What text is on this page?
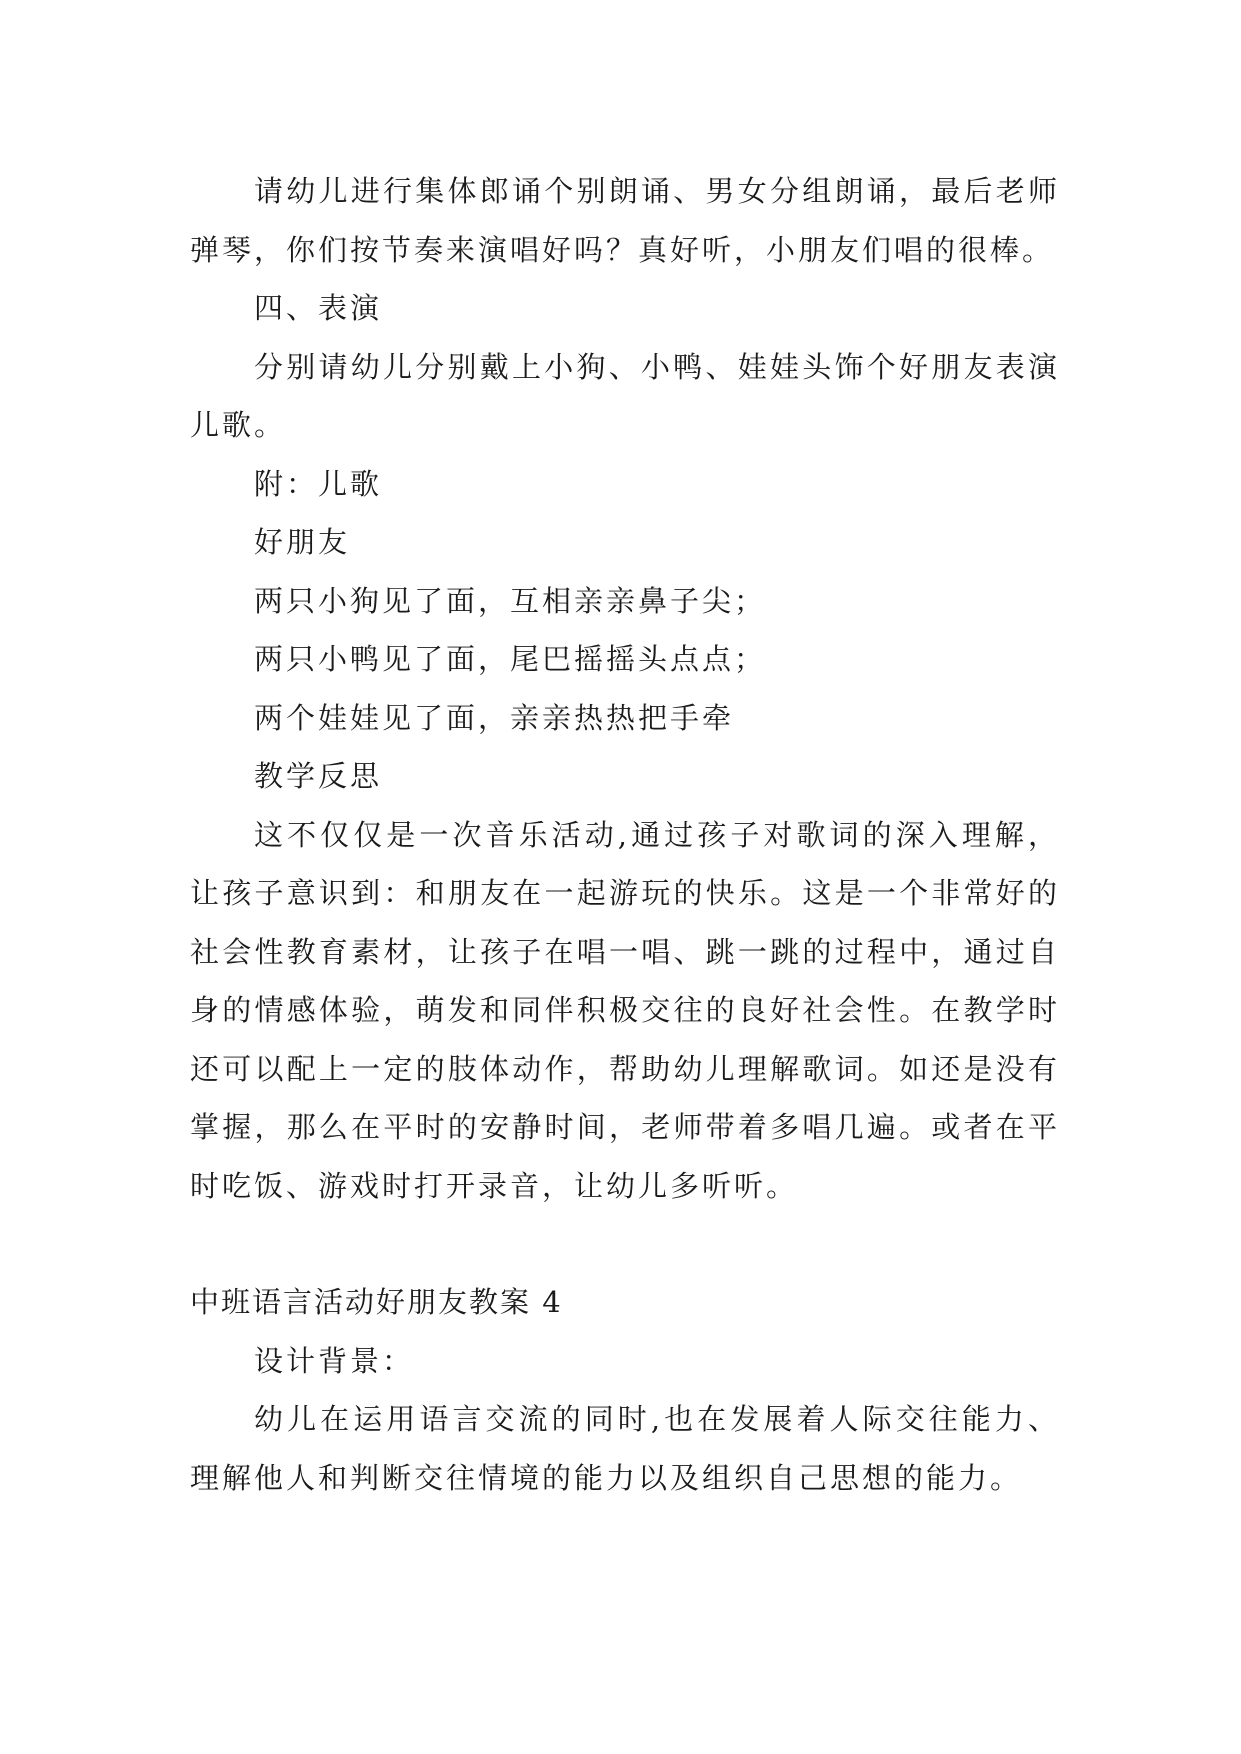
请幼儿进行集体郎诵个别朗诵、男女分组朗诵，最后老师弹琴，你们按节奏来演唱好吗？真好听，小朋友们唱的很棒。

四、表演

分别请幼儿分别戴上小狗、小鸭、娃娃头饰个好朋友表演儿歌。

附：儿歌

好朋友

两只小狗见了面，互相亲亲鼻子尖；

两只小鸭见了面，尾巴摇摇头点点；

两个娃娃见了面，亲亲热热把手牵

教学反思

这不仅仅是一次音乐活动,通过孩子对歌词的深入理解，让孩子意识到：和朋友在一起游玩的快乐。这是一个非常好的社会性教育素材，让孩子在唱一唱、跳一跳的过程中，通过自身的情感体验，萌发和同伴积极交往的良好社会性。在教学时还可以配上一定的肢体动作，帮助幼儿理解歌词。如还是没有掌握，那么在平时的安静时间，老师带着多唱几遍。或者在平时吃饭、游戏时打开录音，让幼儿多听听。

中班语言活动好朋友教案 4

设计背景：

幼儿在运用语言交流的同时,也在发展着人际交往能力、理解他人和判断交往情境的能力以及组织自己思想的能力。
